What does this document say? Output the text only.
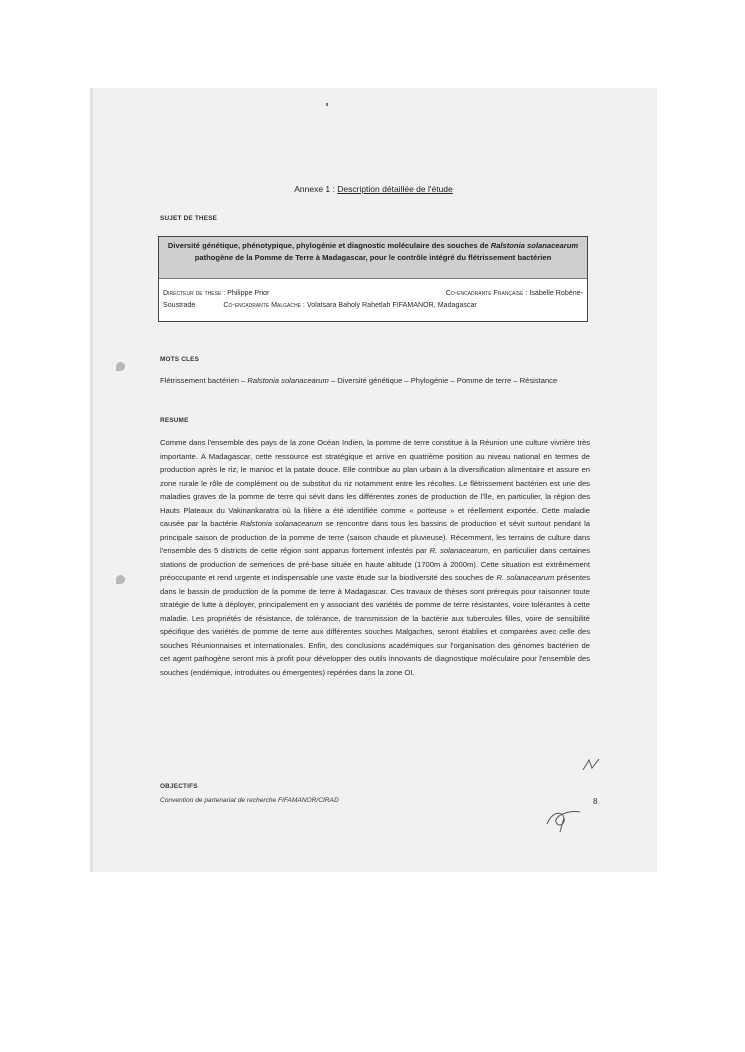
Annexe 1 : Description détaillée de l'étude
SUJET DE THESE
Diversité génétique, phénotypique, phylogénie et diagnostic moléculaire des souches de Ralstonia solanacearum pathogène de la Pomme de Terre à Madagascar, pour le contrôle intégré du flétrissement bactérien
Directeur de these : Philippe Prior	Co-encadrante Française : Isabelle Robène-
Soustrade	Co-encadrante Malgache : Volatsara Baholy Rahetlah FIFAMANOR, Madagascar
MOTS CLES
Flétrissement bactérien – Ralstonia solanacearum – Diversité génétique – Phylogénie – Pomme de terre – Résistance
RESUME
Comme dans l'ensemble des pays de la zone Océan Indien, la pomme de terre constitue à la Réunion une culture vivrière très importante. A Madagascar, cette ressource est stratégique et arrive en quatrième position au niveau national en termes de production après le riz, le manioc et la patate douce. Elle contribue au plan urbain à la diversification alimentaire et assure en zone rurale le rôle de complément ou de substitut du riz notamment entre les récoltes. Le flétrissement bactérien est une des maladies graves de la pomme de terre qui sévit dans les différentes zones de production de l'île, en particulier, la région des Hauts Plateaux du Vakinankaratra où la filière a été identifiée comme « porteuse » et réellement exportée. Cette maladie causée par la bactérie Ralstonia solanacearum se rencontre dans tous les bassins de production et sévit surtout pendant la principale saison de production de la pomme de terre (saison chaude et pluvieuse). Récemment, les terrains de culture dans l'ensemble des 5 districts de cette région sont apparus fortement infestés par R. solanacearum, en particulier dans certaines stations de production de semences de pré-base située en haute altitude (1700m à 2000m). Cette situation est extrêmement préoccupante et rend urgente et indispensable une vaste étude sur la biodiversité des souches de R. solanacearum présentes dans le bassin de production de la pomme de terre à Madagascar. Ces travaux de thèses sont prérequis pour raisonner toute stratégie de lutte à déployer, principalement en y associant des variétés de pomme de terre résistantes, voire tolérantes à cette maladie. Les propriétés de résistance, de tolérance, de transmission de la bactérie aux tubercules filles, voire de sensibilité spécifique des variétés de pomme de terre aux différentes souches Malgaches, seront établies et comparées avec celle des souches Réunionnaises et internationales. Enfin, des conclusions académiques sur l'organisation des génomes bactérien de cet agent pathogène seront mis à profit pour développer des outils innovants de diagnostique moléculaire pour l'ensemble des souches (endémique, introduites ou émergentes) repérées dans la zone OI.
OBJECTIFS
Convention de partenariat de recherche FIFAMANOR/CIRAD	8
